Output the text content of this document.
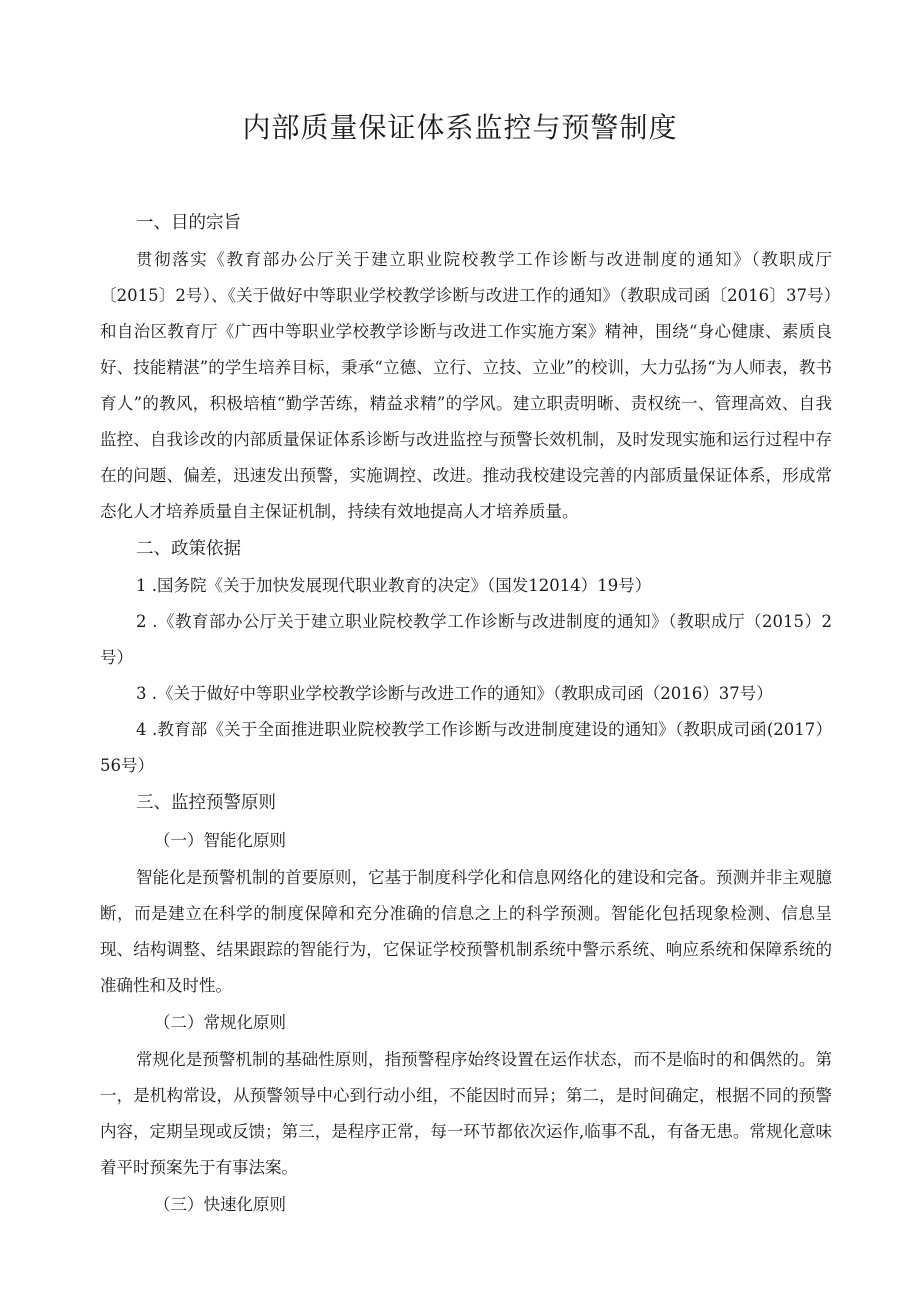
内部质量保证体系监控与预警制度

一、目的宗旨

贯彻落实《教育部办公厅关于建立职业院校教学工作诊断与改进制度的通知》（教职成厅〔2015〕2号）、《关于做好中等职业学校教学诊断与改进工作的通知》（教职成司函〔2016〕37号）和自治区教育厅《广西中等职业学校教学诊断与改进工作实施方案》精神，围绕“身心健康、素质良好、技能精湛”的学生培养目标，秉承“立德、立行、立技、立业”的校训，大力弘扬“为人师表，教书育人”的教风，积极培植“勤学苦练，精益求精”的学风。建立职责明晰、责权统一、管理高效、自我监控、自我诊改的内部质量保证体系诊断与改进监控与预警长效机制，及时发现实施和运行过程中存在的问题、偏差，迅速发出预警，实施调控、改进。推动我校建设完善的内部质量保证体系，形成常态化人才培养质量自主保证机制，持续有效地提高人才培养质量。

二、政策依据

1 .国务院《关于加快发展现代职业教育的决定》（国发12014）19号）

2 .《教育部办公厅关于建立职业院校教学工作诊断与改进制度的通知》（教职成厅（2015）2号）

3 .《关于做好中等职业学校教学诊断与改进工作的通知》（教职成司函（2016）37号）

4 .教育部《关于全面推进职业院校教学工作诊断与改进制度建设的通知》（教职成司函(2017）56号）

三、监控预警原则

（一）智能化原则

智能化是预警机制的首要原则，它基于制度科学化和信息网络化的建设和完备。预测并非主观臆断，而是建立在科学的制度保障和充分准确的信息之上的科学预测。智能化包括现象检测、信息呈现、结构调整、结果跟踪的智能行为，它保证学校预警机制系统中警示系统、响应系统和保障系统的准确性和及时性。

（二）常规化原则

常规化是预警机制的基础性原则，指预警程序始终设置在运作状态，而不是临时的和偶然的。第一，是机构常设，从预警领导中心到行动小组，不能因时而异；第二，是时间确定，根据不同的预警内容，定期呈现或反馈；第三，是程序正常，每一环节都依次运作,临事不乱，有备无患。常规化意味着平时预案先于有事法案。

（三）快速化原则
